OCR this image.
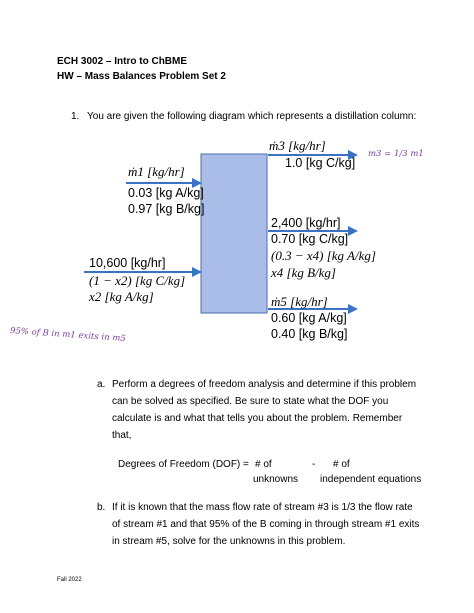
ECH 3002 – Intro to ChBME
HW – Mass Balances Problem Set 2
1. You are given the following diagram which represents a distillation column:
ṁ1 [kg/hr]
0.03 [kg A/kg]
0.97 [kg B/kg]
10,600 [kg/hr]
(1 − x2) [kg C/kg]
x2 [kg A/kg]
ṁ3 [kg/hr]
1.0 [kg C/kg]
2,400 [kg/hr]
0.70 [kg C/kg]
(0.3 − x4) [kg A/kg]
x4 [kg B/kg]
ṁ5 [kg/hr]
0.60 [kg A/kg]
0.40 [kg B/kg]
m3 = 1/3 m1
95% of B in m1 exits in m5
a. Perform a degrees of freedom analysis and determine if this problem
can be solved as specified. Be sure to state what the DOF you
calculate is and what that tells you about the problem. Remember
that,
Degrees of Freedom (DOF) = # of	- # of
unknowns independent equations
b. If it is known that the mass flow rate of stream #3 is 1/3 the flow rate
of stream #1 and that 95% of the B coming in through stream #1 exits
in stream #5, solve for the unknowns in this problem.
Fall 2022
